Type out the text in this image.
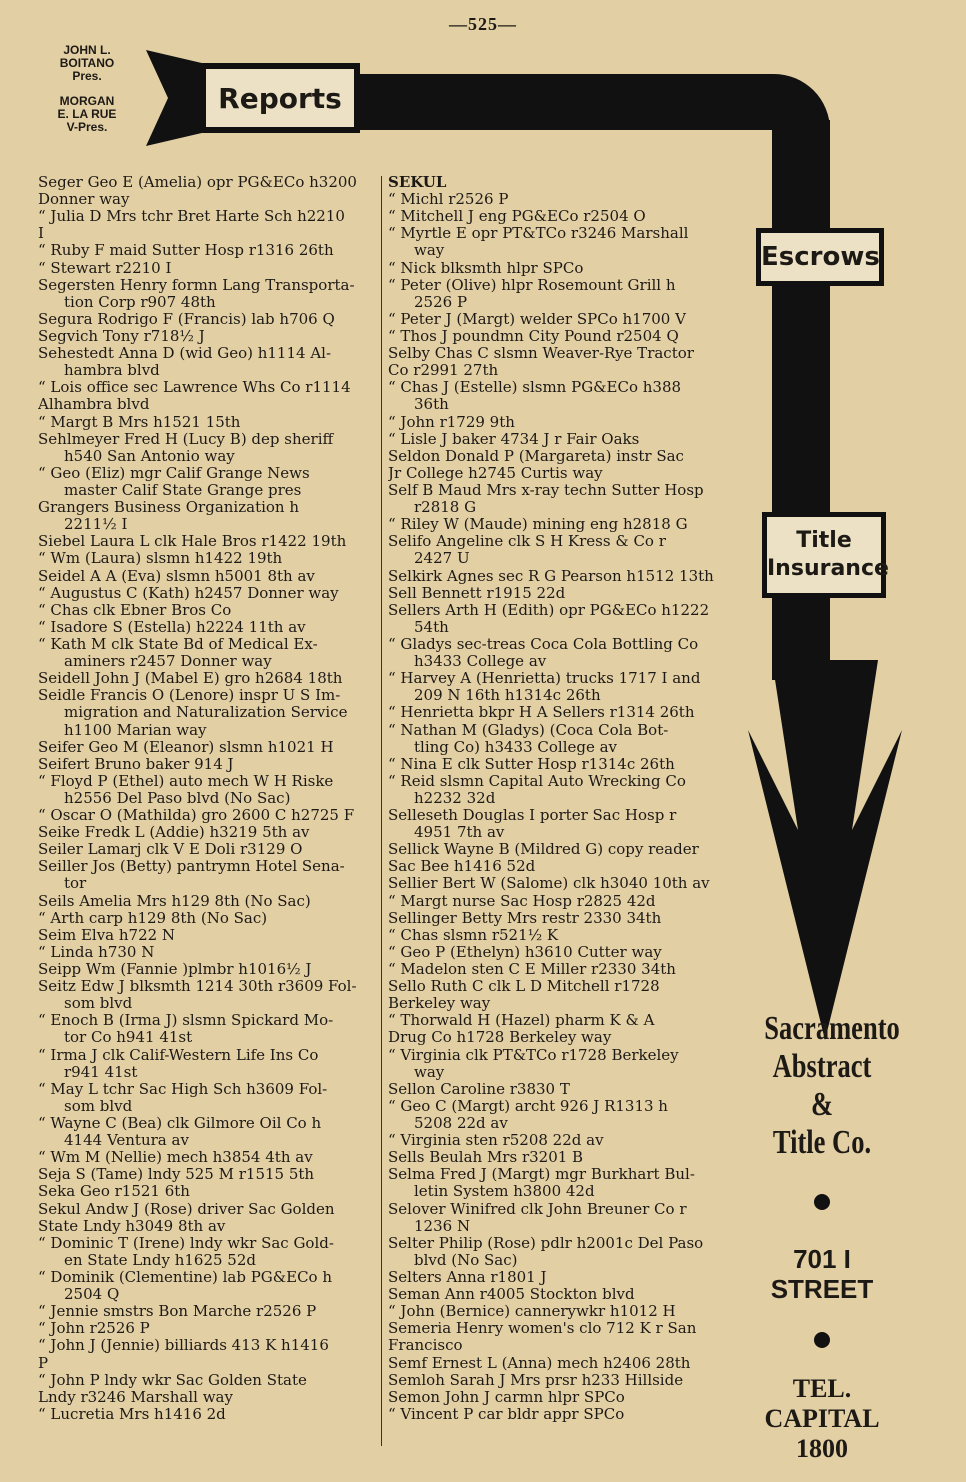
—525—
JOHN L.
BOITANO
Pres.
MORGAN
E. LA RUE
V-Pres.
Reports
Escrows
Title
Insurance
Sacramento
Abstract &
Title Co.
701 I
STREET
TEL.
CAPITAL
1800
Seger Geo E (Amelia) opr PG&ECo h3200
Donner way
“ Julia D Mrs tchr Bret Harte Sch h2210
I
“ Ruby F maid Sutter Hosp r1316 26th
“ Stewart r2210 I
Segersten Henry formn Lang Transporta-
tion Corp r907 48th
Segura Rodrigo F (Francis) lab h706 Q
Segvich Tony r718½ J
Sehestedt Anna D (wid Geo) h1114 Al-
hambra blvd
“ Lois office sec Lawrence Whs Co r1114
Alhambra blvd
“ Margt B Mrs h1521 15th
Sehlmeyer Fred H (Lucy B) dep sheriff
h540 San Antonio way
“ Geo (Eliz) mgr Calif Grange News
master Calif State Grange pres
Grangers Business Organization h
2211½ I
Siebel Laura L clk Hale Bros r1422 19th
“ Wm (Laura) slsmn h1422 19th
Seidel A A (Eva) slsmn h5001 8th av
“ Augustus C (Kath) h2457 Donner way
“ Chas clk Ebner Bros Co
“ Isadore S (Estella) h2224 11th av
“ Kath M clk State Bd of Medical Ex-
aminers r2457 Donner way
Seidell John J (Mabel E) gro h2684 18th
Seidle Francis O (Lenore) inspr U S Im-
migration and Naturalization Service
h1100 Marian way
Seifer Geo M (Eleanor) slsmn h1021 H
Seifert Bruno baker 914 J
“ Floyd P (Ethel) auto mech W H Riske
h2556 Del Paso blvd (No Sac)
“ Oscar O (Mathilda) gro 2600 C h2725 F
Seike Fredk L (Addie) h3219 5th av
Seiler Lamarj clk V E Doli r3129 O
Seiller Jos (Betty) pantrymn Hotel Sena-
tor
Seils Amelia Mrs h129 8th (No Sac)
“ Arth carp h129 8th (No Sac)
Seim Elva h722 N
“ Linda h730 N
Seipp Wm (Fannie )plmbr h1016½ J
Seitz Edw J blksmth 1214 30th r3609 Fol-
som blvd
“ Enoch B (Irma J) slsmn Spickard Mo-
tor Co h941 41st
“ Irma J clk Calif-Western Life Ins Co
r941 41st
“ May L tchr Sac High Sch h3609 Fol-
som blvd
“ Wayne C (Bea) clk Gilmore Oil Co h
4144 Ventura av
“ Wm M (Nellie) mech h3854 4th av
Seja S (Tame) lndy 525 M r1515 5th
Seka Geo r1521 6th
Sekul Andw J (Rose) driver Sac Golden
State Lndy h3049 8th av
“ Dominic T (Irene) lndy wkr Sac Gold-
en State Lndy h1625 52d
“ Dominik (Clementine) lab PG&ECo h
2504 Q
“ Jennie smstrs Bon Marche r2526 P
“ John r2526 P
“ John J (Jennie) billiards 413 K h1416
P
“ John P lndy wkr Sac Golden State
Lndy r3246 Marshall way
“ Lucretia Mrs h1416 2d
SEKUL
“ Michl r2526 P
“ Mitchell J eng PG&ECo r2504 O
“ Myrtle E opr PT&TCo r3246 Marshall
way
“ Nick blksmth hlpr SPCo
“ Peter (Olive) hlpr Rosemount Grill h
2526 P
“ Peter J (Margt) welder SPCo h1700 V
“ Thos J poundmn City Pound r2504 Q
Selby Chas C slsmn Weaver-Rye Tractor
Co r2991 27th
“ Chas J (Estelle) slsmn PG&ECo h388
36th
“ John r1729 9th
“ Lisle J baker 4734 J r Fair Oaks
Seldon Donald P (Margareta) instr Sac
Jr College h2745 Curtis way
Self B Maud Mrs x-ray techn Sutter Hosp
r2818 G
“ Riley W (Maude) mining eng h2818 G
Selifo Angeline clk S H Kress & Co r
2427 U
Selkirk Agnes sec R G Pearson h1512 13th
Sell Bennett r1915 22d
Sellers Arth H (Edith) opr PG&ECo h1222
54th
“ Gladys sec-treas Coca Cola Bottling Co
h3433 College av
“ Harvey A (Henrietta) trucks 1717 I and
209 N 16th h1314c 26th
“ Henrietta bkpr H A Sellers r1314 26th
“ Nathan M (Gladys) (Coca Cola Bot-
tling Co) h3433 College av
“ Nina E clk Sutter Hosp r1314c 26th
“ Reid slsmn Capital Auto Wrecking Co
h2232 32d
Selleseth Douglas I porter Sac Hosp r
4951 7th av
Sellick Wayne B (Mildred G) copy reader
Sac Bee h1416 52d
Sellier Bert W (Salome) clk h3040 10th av
“ Margt nurse Sac Hosp r2825 42d
Sellinger Betty Mrs restr 2330 34th
“ Chas slsmn r521½ K
“ Geo P (Ethelyn) h3610 Cutter way
“ Madelon sten C E Miller r2330 34th
Sello Ruth C clk L D Mitchell r1728
Berkeley way
“ Thorwald H (Hazel) pharm K & A
Drug Co h1728 Berkeley way
“ Virginia clk PT&TCo r1728 Berkeley
way
Sellon Caroline r3830 T
“ Geo C (Margt) archt 926 J R1313 h
5208 22d av
“ Virginia sten r5208 22d av
Sells Beulah Mrs r3201 B
Selma Fred J (Margt) mgr Burkhart Bul-
letin System h3800 42d
Selover Winifred clk John Breuner Co r
1236 N
Selter Philip (Rose) pdlr h2001c Del Paso
blvd (No Sac)
Selters Anna r1801 J
Seman Ann r4005 Stockton blvd
“ John (Bernice) cannerywkr h1012 H
Semeria Henry women's clo 712 K r San
Francisco
Semf Ernest L (Anna) mech h2406 28th
Semloh Sarah J Mrs prsr h233 Hillside
Semon John J carmn hlpr SPCo
“ Vincent P car bldr appr SPCo
